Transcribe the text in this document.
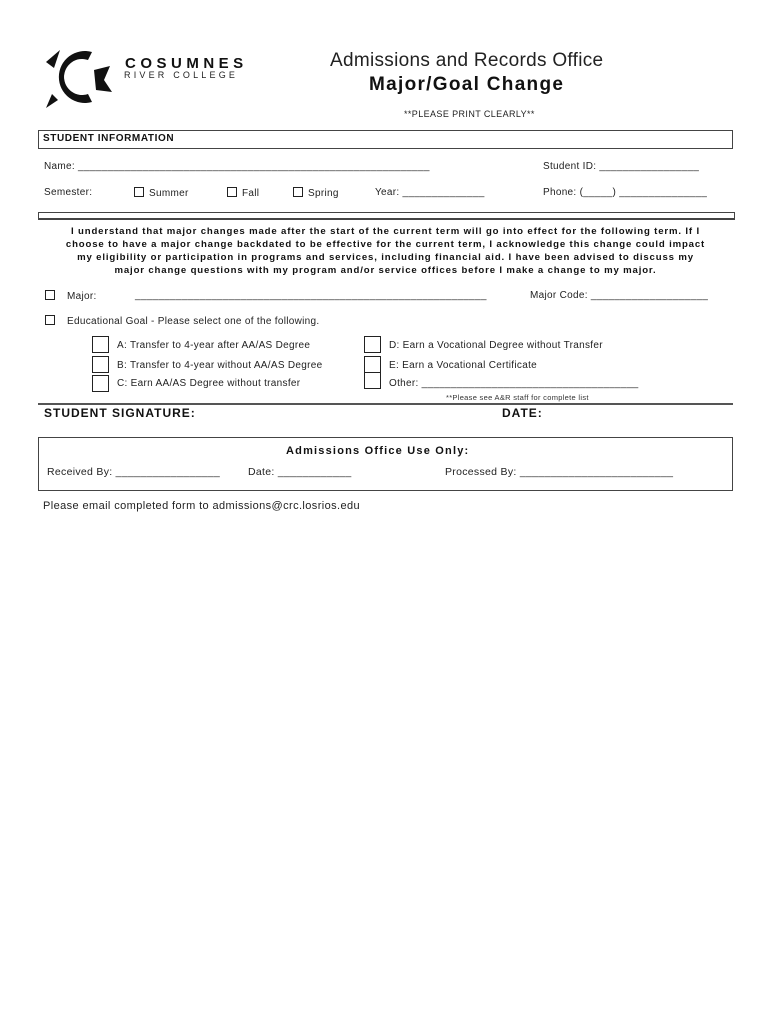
COSUMNES
RIVER COLLEGE
Admissions and Records Office
Major/Goal Change
**PLEASE PRINT CLEARLY**
STUDENT INFORMATION
Name: ____________________________________________________________	Student ID: _________________
Semester:	Summer	Fall	Spring	Year: ______________	Phone: (_____) _______________
I understand that major changes made after the start of the current term will go into effect for the following term. If I
choose to have a major change backdated to be effective for the current term, I acknowledge this change could impact
my eligibility or participation in programs and services, including financial aid. I have been advised to discuss my
major change questions with my program and/or service offices before I make a change to my major.
Major:	____________________________________________________________	Major Code: ____________________
Educational Goal - Please select one of the following.
A: Transfer to 4-year after AA/AS Degree
B: Transfer to 4-year without AA/AS Degree
C: Earn AA/AS Degree without transfer
D: Earn a Vocational Degree without Transfer
E: Earn a Vocational Certificate
Other: _____________________________________
**Please see A&R staff for complete list
STUDENT SIGNATURE:	DATE:
Admissions Office Use Only:
Received By: _________________	Date: ____________	Processed By: _________________________
Please email completed form to admissions@crc.losrios.edu
